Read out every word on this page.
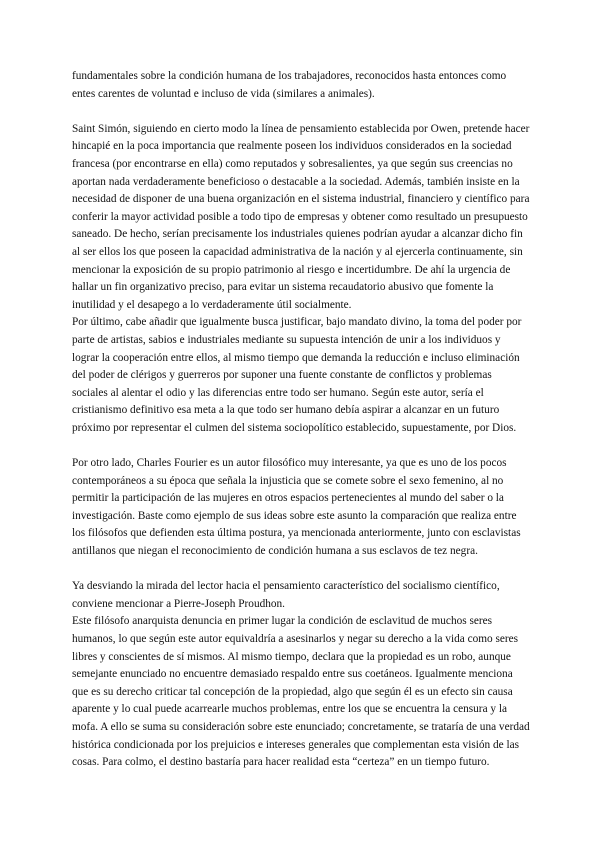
fundamentales sobre la condición humana de los trabajadores, reconocidos hasta entonces como entes carentes de voluntad e incluso de vida (similares a animales).

Saint Simón, siguiendo en cierto modo la línea de pensamiento establecida por Owen, pretende hacer hincapié en la poca importancia que realmente poseen los individuos considerados en la sociedad francesa (por encontrarse en ella) como reputados y sobresalientes, ya que según sus creencias no aportan nada verdaderamente beneficioso o destacable a la sociedad. Además, también insiste en la necesidad de disponer de una buena organización en el sistema industrial, financiero y científico para conferir la mayor actividad posible a todo tipo de empresas y obtener como resultado un presupuesto saneado. De hecho, serían precisamente los industriales quienes podrían ayudar a alcanzar dicho fin al ser ellos los que poseen la capacidad administrativa de la nación y al ejercerla continuamente, sin mencionar la exposición de su propio patrimonio al riesgo e incertidumbre. De ahí la urgencia de hallar un fin organizativo preciso, para evitar un sistema recaudatorio abusivo que fomente la inutilidad y el desapego a lo verdaderamente útil socialmente.

Por último, cabe añadir que igualmente busca justificar, bajo mandato divino, la toma del poder por parte de artistas, sabios e industriales mediante su supuesta intención de unir a los individuos y lograr la cooperación entre ellos, al mismo tiempo que demanda la reducción e incluso eliminación del poder de clérigos y guerreros por suponer una fuente constante de conflictos y problemas sociales al alentar el odio y las diferencias entre todo ser humano. Según este autor, sería el cristianismo definitivo esa meta a la que todo ser humano debía aspirar a alcanzar en un futuro próximo por representar el culmen del sistema sociopolítico establecido, supuestamente, por Dios.

Por otro lado, Charles Fourier es un autor filosófico muy interesante, ya que es uno de los pocos contemporáneos a su época que señala la injusticia que se comete sobre el sexo femenino, al no permitir la participación de las mujeres en otros espacios pertenecientes al mundo del saber o la investigación. Baste como ejemplo de sus ideas sobre este asunto la comparación que realiza entre los filósofos que defienden esta última postura, ya mencionada anteriormente, junto con esclavistas antillanos que niegan el reconocimiento de condición humana a sus esclavos de tez negra.

Ya desviando la mirada del lector hacia el pensamiento característico del socialismo científico, conviene mencionar a Pierre-Joseph Proudhon.

Este filósofo anarquista denuncia en primer lugar la condición de esclavitud de muchos seres humanos, lo que según este autor equivaldría a asesinarlos y negar su derecho a la vida como seres libres y conscientes de sí mismos. Al mismo tiempo, declara que la propiedad es un robo, aunque semejante enunciado no encuentre demasiado respaldo entre sus coetáneos. Igualmente menciona que es su derecho criticar tal concepción de la propiedad, algo que según él es un efecto sin causa aparente y lo cual puede acarrearle muchos problemas, entre los que se encuentra la censura y la mofa. A ello se suma su consideración sobre este enunciado; concretamente, se trataría de una verdad histórica condicionada por los prejuicios e intereses generales que complementan esta visión de las cosas. Para colmo, el destino bastaría para hacer realidad esta “certeza” en un tiempo futuro.
